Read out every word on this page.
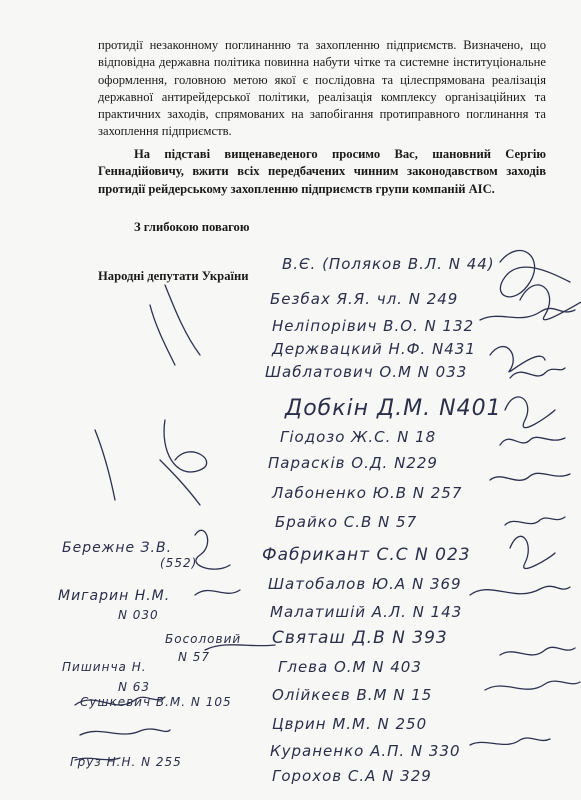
протидії незаконному поглинанню та захопленню підприємств. Визначено, що відповідна державна політика повинна набути чітке та системне інституціональне оформлення, головною метою якої є послідовна та цілеспрямована реалізація державної антирейдерської політики, реалізація комплексу організаційних та практичних заходів, спрямованих на запобігання протиправного поглинання та захоплення підприємств.

На підставі вищенаведеного просимо Вас, шановний Сергію Геннадійовичу, вжити всіх передбачених чинним законодавством заходів протидії рейдерському захопленню підприємств групи компаній АІС.

З глибокою повагою

Народні депутати України

В.Є. (Поляков В.Л. N 44)
Безбах Я.Я. чл. N 249
Неліпорівич В.О. N 132
Держвацкий Н.Ф. N431
Шаблатович О.М N 033
Добкін Д.М. N401
Гіодозо Ж.С. N 18
Парасків О.Д. N229
Лабоненко Ю.В N 257
Брайко С.В N 57
Фабрикант С.С N 023
Шатобалов Ю.А N 369
Малатишій А.Л. N 143
Святаш Д.В N 393
Глева О.М N 403
Олійкеєв В.М N 15
Цврин М.М. N 250
Кураненко А.П. N 330
Горохов С.А N 329
Бережне З.В.
(552)
Мигарин Н.М.
N 030
Босоловий
N 57
Пишинча Н.
N 63
Сушкевич В.М. N 105
Груз Н.Н. N 255
